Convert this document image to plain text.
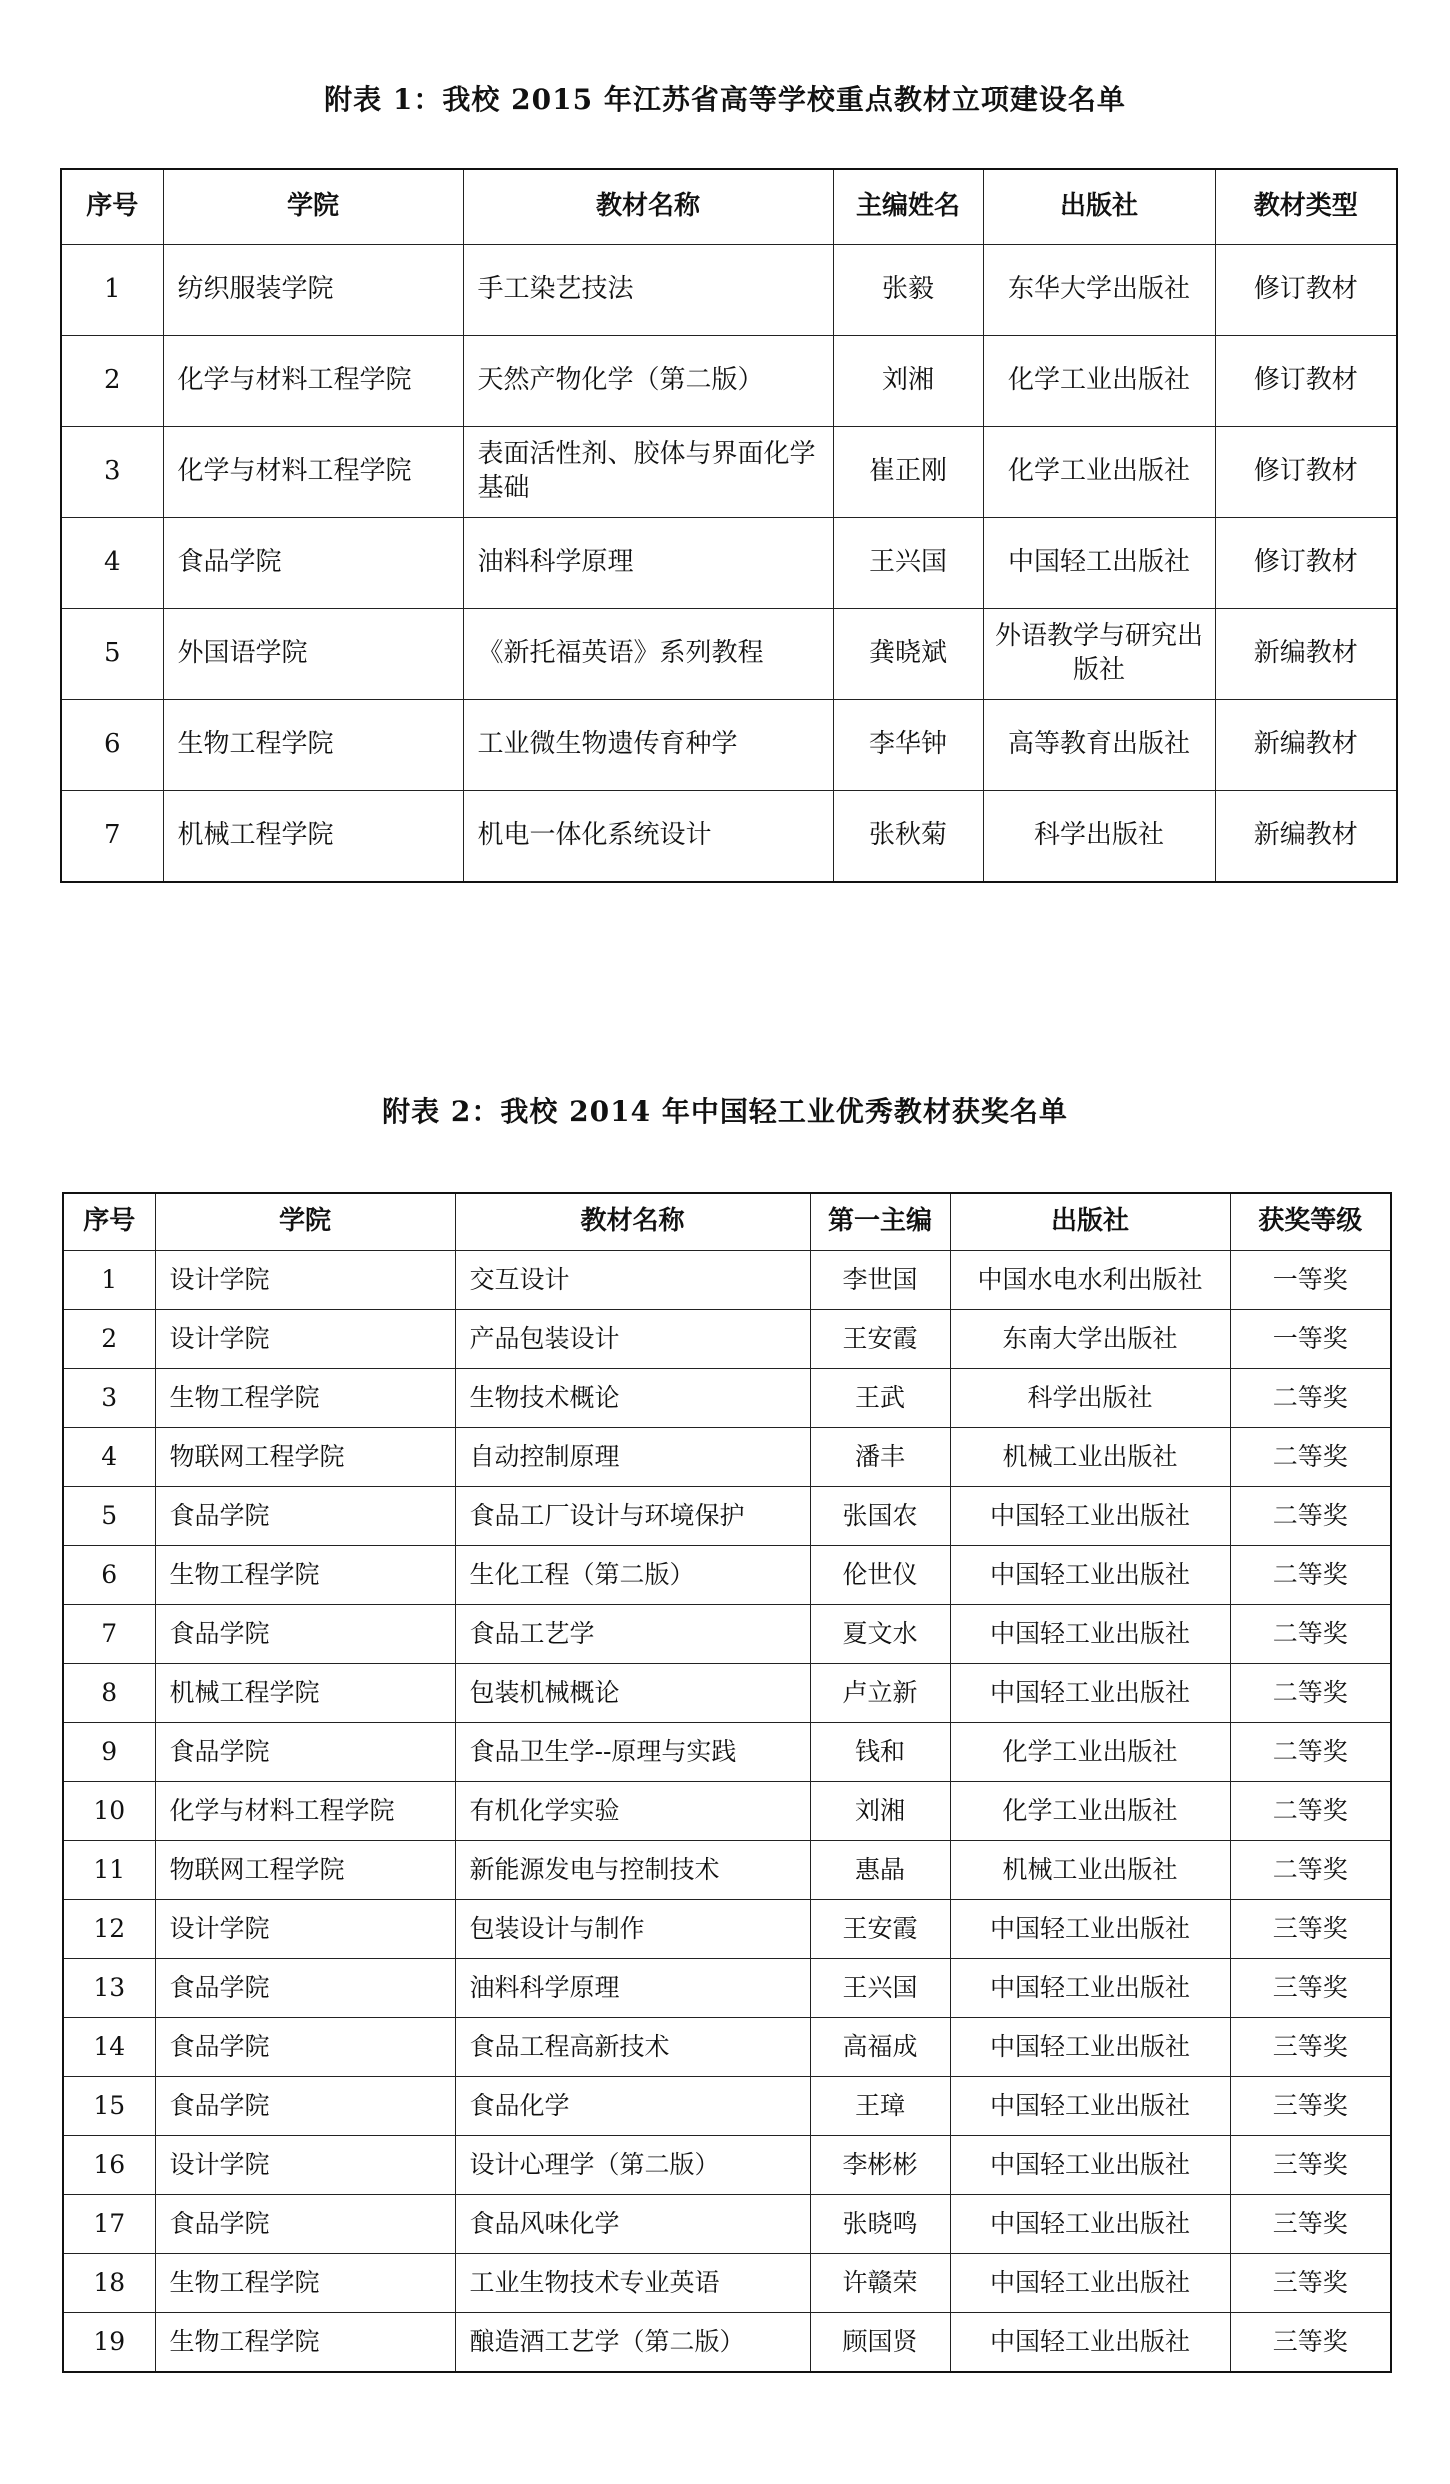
附表 1：我校 2015 年江苏省高等学校重点教材立项建设名单
序号	学院	教材名称	主编姓名	出版社	教材类型
1	纺织服装学院	手工染艺技法	张毅	东华大学出版社	修订教材
2	化学与材料工程学院	天然产物化学（第二版）	刘湘	化学工业出版社	修订教材
3	化学与材料工程学院	表面活性剂、胶体与界面化学基础	崔正刚	化学工业出版社	修订教材
4	食品学院	油料科学原理	王兴国	中国轻工出版社	修订教材
5	外国语学院	《新托福英语》系列教程	龚晓斌	外语教学与研究出版社	新编教材
6	生物工程学院	工业微生物遗传育种学	李华钟	高等教育出版社	新编教材
7	机械工程学院	机电一体化系统设计	张秋菊	科学出版社	新编教材
附表 2：我校 2014 年中国轻工业优秀教材获奖名单
序号	学院	教材名称	第一主编	出版社	获奖等级
1	设计学院	交互设计	李世国	中国水电水利出版社	一等奖
2	设计学院	产品包装设计	王安霞	东南大学出版社	一等奖
3	生物工程学院	生物技术概论	王武	科学出版社	二等奖
4	物联网工程学院	自动控制原理	潘丰	机械工业出版社	二等奖
5	食品学院	食品工厂设计与环境保护	张国农	中国轻工业出版社	二等奖
6	生物工程学院	生化工程（第二版）	伦世仪	中国轻工业出版社	二等奖
7	食品学院	食品工艺学	夏文水	中国轻工业出版社	二等奖
8	机械工程学院	包装机械概论	卢立新	中国轻工业出版社	二等奖
9	食品学院	食品卫生学--原理与实践	钱和	化学工业出版社	二等奖
10	化学与材料工程学院	有机化学实验	刘湘	化学工业出版社	二等奖
11	物联网工程学院	新能源发电与控制技术	惠晶	机械工业出版社	二等奖
12	设计学院	包装设计与制作	王安霞	中国轻工业出版社	三等奖
13	食品学院	油料科学原理	王兴国	中国轻工业出版社	三等奖
14	食品学院	食品工程高新技术	高福成	中国轻工业出版社	三等奖
15	食品学院	食品化学	王璋	中国轻工业出版社	三等奖
16	设计学院	设计心理学（第二版）	李彬彬	中国轻工业出版社	三等奖
17	食品学院	食品风味化学	张晓鸣	中国轻工业出版社	三等奖
18	生物工程学院	工业生物技术专业英语	许赣荣	中国轻工业出版社	三等奖
19	生物工程学院	酿造酒工艺学（第二版）	顾国贤	中国轻工业出版社	三等奖
